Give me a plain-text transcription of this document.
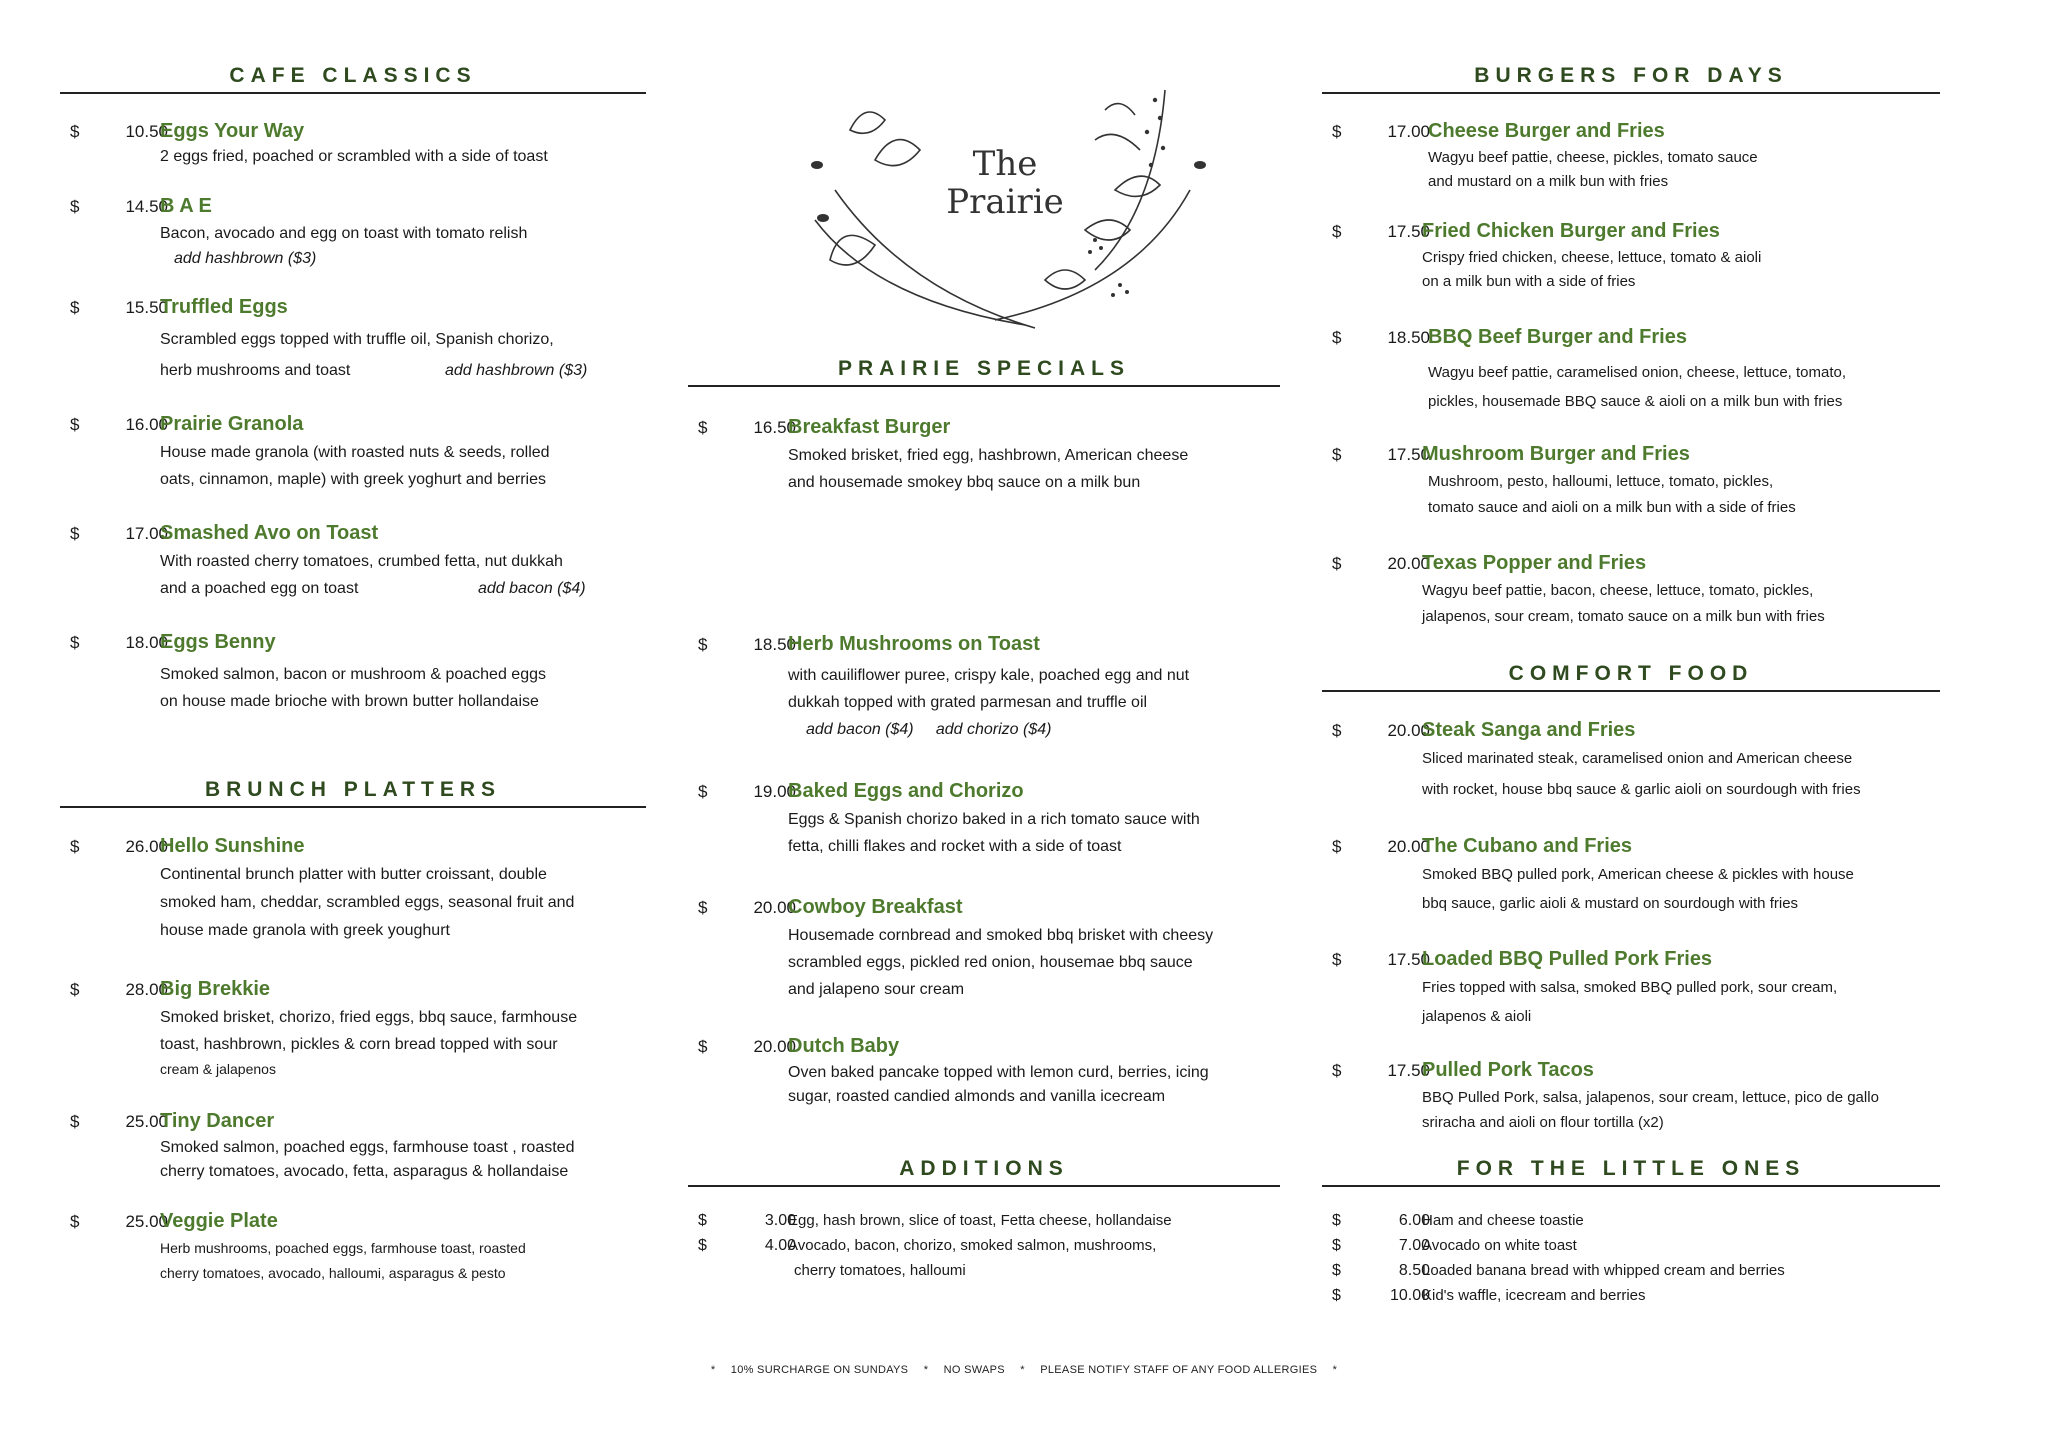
CAFE CLASSICS
$	10.50
Eggs Your Way
2 eggs fried, poached or scrambled with a side of toast
$	14.50
B A E
Bacon, avocado and egg on toast with tomato relish
add hashbrown ($3)
$	15.50
Truffled Eggs
Scrambled eggs topped with truffle oil, Spanish chorizo,
herb mushrooms and toast	add hashbrown ($3)
$	16.00
Prairie Granola
House made granola (with roasted nuts & seeds, rolled
oats, cinnamon, maple) with greek yoghurt and berries
$	17.00
Smashed Avo on Toast
With roasted cherry tomatoes, crumbed fetta, nut dukkah
and a poached egg on toast	add bacon ($4)
$	18.00
Eggs Benny
Smoked salmon, bacon or mushroom & poached eggs
on house made brioche with brown butter hollandaise
BRUNCH PLATTERS
$	26.00
Hello Sunshine
Continental brunch platter with butter croissant, double
smoked ham, cheddar, scrambled eggs, seasonal fruit and
house made granola with greek youghurt
$	28.00
Big Brekkie
Smoked brisket, chorizo, fried eggs, bbq sauce, farmhouse
toast, hashbrown, pickles & corn bread topped with sour
cream & jalapenos
$	25.00
Tiny Dancer
Smoked salmon, poached eggs, farmhouse toast , roasted
cherry tomatoes, avocado, fetta, asparagus & hollandaise
$	25.00
Veggie Plate
Herb mushrooms, poached eggs, farmhouse toast, roasted
cherry tomatoes, avocado, halloumi, asparagus & pesto
The
Prairie
PRAIRIE SPECIALS
$	16.50
Breakfast Burger
Smoked brisket, fried egg, hashbrown, American cheese
and housemade smokey bbq sauce on a milk bun
$	18.50
Herb Mushrooms on Toast
with cauiliflower puree, crispy kale, poached egg and nut
dukkah topped with grated parmesan and truffle oil
add bacon ($4)     add chorizo ($4)
$	19.00
Baked Eggs and Chorizo
Eggs & Spanish chorizo baked in a rich tomato sauce with
fetta, chilli flakes and rocket with a side of toast
$	20.00
Cowboy Breakfast
Housemade cornbread and smoked bbq brisket with cheesy
scrambled eggs, pickled red onion, housemae bbq sauce
and jalapeno sour cream
$	20.00
Dutch Baby
Oven baked pancake topped with lemon curd, berries, icing
sugar, roasted candied almonds and vanilla icecream
ADDITIONS
$	3.00
Egg, hash brown, slice of toast, Fetta cheese, hollandaise
$	4.00
Avocado, bacon, chorizo, smoked salmon, mushrooms,
cherry tomatoes, halloumi
BURGERS FOR DAYS
$	17.00
Cheese Burger and Fries
Wagyu beef pattie, cheese, pickles, tomato sauce
and mustard on a milk bun with fries
$	17.50
Fried Chicken Burger and Fries
Crispy fried chicken, cheese, lettuce, tomato & aioli
on a milk bun with a side of fries
$	18.50
BBQ Beef Burger and Fries
Wagyu beef pattie, caramelised onion, cheese, lettuce, tomato,
pickles, housemade BBQ sauce & aioli on a milk bun with fries
$	17.50
Mushroom Burger and Fries
Mushroom, pesto, halloumi, lettuce, tomato, pickles,
tomato sauce and aioli on a milk bun with a side of fries
$	20.00
Texas Popper and Fries
Wagyu beef pattie, bacon, cheese, lettuce, tomato, pickles,
jalapenos, sour cream, tomato sauce on a milk bun with fries
COMFORT FOOD
$	20.00
Steak Sanga and Fries
Sliced marinated steak, caramelised onion and American cheese
with rocket, house bbq sauce & garlic aioli on sourdough with fries
$	20.00
The Cubano and Fries
Smoked BBQ pulled pork, American cheese & pickles with house
bbq sauce, garlic aioli & mustard on sourdough with fries
$	17.50
Loaded BBQ Pulled Pork Fries
Fries topped with salsa, smoked BBQ pulled pork, sour cream,
jalapenos & aioli
$	17.50
Pulled Pork Tacos
BBQ Pulled Pork, salsa, jalapenos, sour cream, lettuce, pico de gallo
sriracha and aioli on flour tortilla (x2)
FOR THE LITTLE ONES
$	6.00
Ham and cheese toastie
$	7.00
Avocado on white toast
$	8.50
Loaded banana bread with whipped cream and berries
$	10.00
Kid's waffle, icecream and berries
* 10% SURCHARGE ON SUNDAYS * NO SWAPS * PLEASE NOTIFY STAFF OF ANY FOOD ALLERGIES *
